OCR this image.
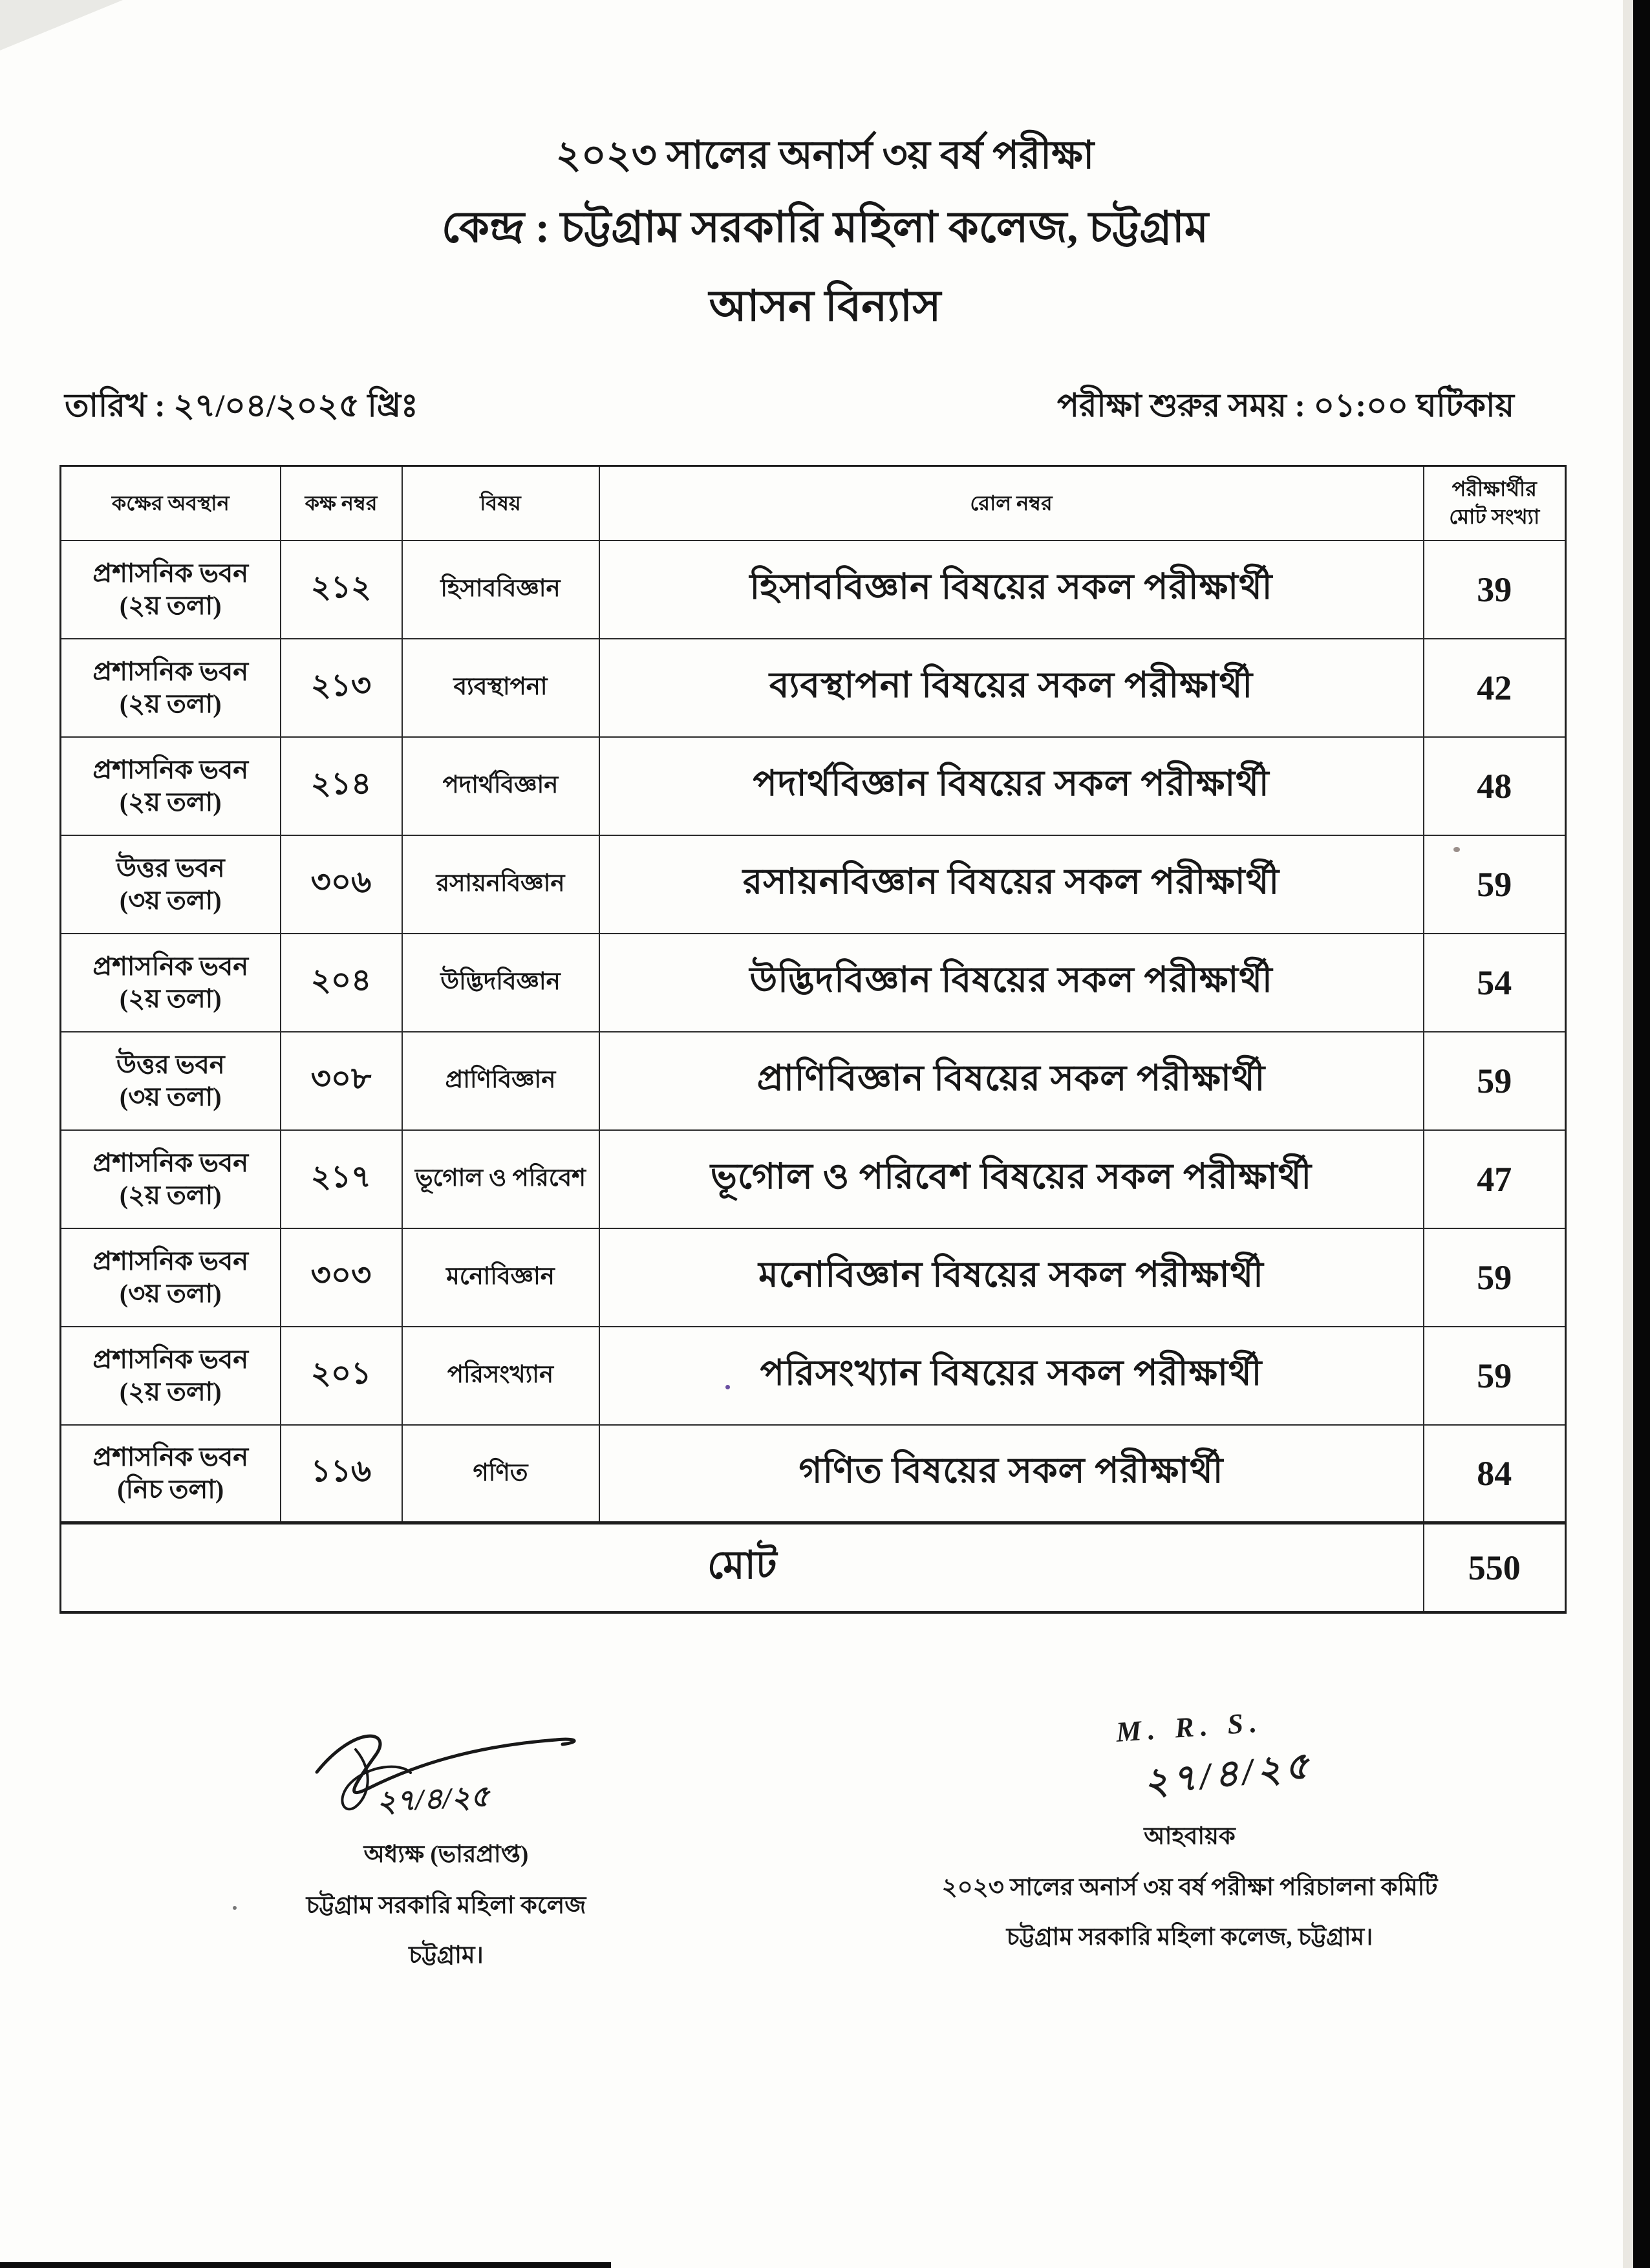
২০২৩ সালের অনার্স ৩য় বর্ষ পরীক্ষা
কেন্দ্র : চট্টগ্রাম সরকারি মহিলা কলেজ, চট্টগ্রাম
আসন বিন্যাস
তারিখ : ২৭/০৪/২০২৫ খ্রিঃ	পরীক্ষা শুরুর সময় : ০১:০০ ঘটিকায়
কক্ষের অবস্থান	কক্ষ নম্বর	বিষয়	রোল নম্বর	পরীক্ষার্থীর
মোট সংখ্যা

প্রশাসনিক ভবন
(২য় তলা)	২১২	হিসাববিজ্ঞান	হিসাববিজ্ঞান বিষয়ের সকল পরীক্ষার্থী	39

প্রশাসনিক ভবন
(২য় তলা)	২১৩	ব্যবস্থাপনা	ব্যবস্থাপনা বিষয়ের সকল পরীক্ষার্থী	42

প্রশাসনিক ভবন
(২য় তলা)	২১৪	পদার্থবিজ্ঞান	পদার্থবিজ্ঞান বিষয়ের সকল পরীক্ষার্থী	48

উত্তর ভবন
(৩য় তলা)	৩০৬	রসায়নবিজ্ঞান	রসায়নবিজ্ঞান বিষয়ের সকল পরীক্ষার্থী	59

প্রশাসনিক ভবন
(২য় তলা)	২০৪	উদ্ভিদবিজ্ঞান	উদ্ভিদবিজ্ঞান বিষয়ের সকল পরীক্ষার্থী	54

উত্তর ভবন
(৩য় তলা)	৩০৮	প্রাণিবিজ্ঞান	প্রাণিবিজ্ঞান বিষয়ের সকল পরীক্ষার্থী	59

প্রশাসনিক ভবন
(২য় তলা)	২১৭	ভূগোল ও পরিবেশ	ভূগোল ও পরিবেশ বিষয়ের সকল পরীক্ষার্থী	47

প্রশাসনিক ভবন
(৩য় তলা)	৩০৩	মনোবিজ্ঞান	মনোবিজ্ঞান বিষয়ের সকল পরীক্ষার্থী	59

প্রশাসনিক ভবন
(২য় তলা)	২০১	পরিসংখ্যান	পরিসংখ্যান বিষয়ের সকল পরীক্ষার্থী	59

প্রশাসনিক ভবন
(নিচ তলা)	১১৬	গণিত	গণিত বিষয়ের সকল পরীক্ষার্থী	84
মোট				550
২৭/৪/২৫
অধ্যক্ষ (ভারপ্রাপ্ত)
চট্টগ্রাম সরকারি মহিলা কলেজ
চট্টগ্রাম।
M. R. S.
২৭/৪/২৫
আহবায়ক
২০২৩ সালের অনার্স ৩য় বর্ষ পরীক্ষা পরিচালনা কমিটি
চট্টগ্রাম সরকারি মহিলা কলেজ, চট্টগ্রাম।
